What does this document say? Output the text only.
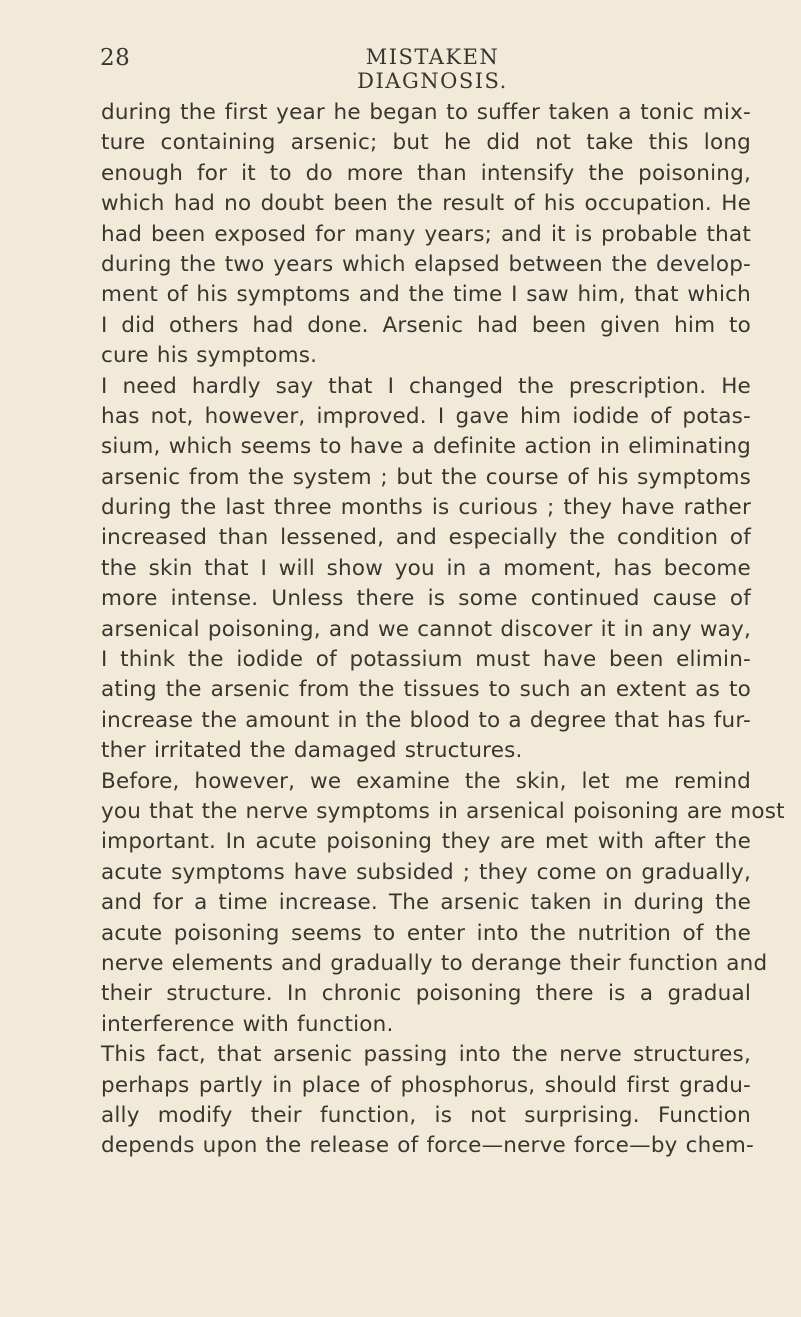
28	MISTAKEN DIAGNOSIS.
during the first year he began to suffer taken a tonic mix-
ture containing arsenic; but he did not take this long
enough for it to do more than intensify the poisoning,
which had no doubt been the result of his occupation. He
had been exposed for many years; and it is probable that
during the two years which elapsed between the develop-
ment of his symptoms and the time I saw him, that which
I did others had done. Arsenic had been given him to
cure his symptoms.
I need hardly say that I changed the prescription. He
has not, however, improved. I gave him iodide of potas-
sium, which seems to have a definite action in eliminating
arsenic from the system ; but the course of his symptoms
during the last three months is curious ; they have rather
increased than lessened, and especially the condition of
the skin that I will show you in a moment, has become
more intense. Unless there is some continued cause of
arsenical poisoning, and we cannot discover it in any way,
I think the iodide of potassium must have been elimin-
ating the arsenic from the tissues to such an extent as to
increase the amount in the blood to a degree that has fur-
ther irritated the damaged structures.
Before, however, we examine the skin, let me remind
you that the nerve symptoms in arsenical poisoning are most
important. In acute poisoning they are met with after the
acute symptoms have subsided ; they come on gradually,
and for a time increase. The arsenic taken in during the
acute poisoning seems to enter into the nutrition of the
nerve elements and gradually to derange their function and
their structure. In chronic poisoning there is a gradual
interference with function.
This fact, that arsenic passing into the nerve structures,
perhaps partly in place of phosphorus, should first gradu-
ally modify their function, is not surprising. Function
depends upon the release of force—nerve force—by chem-
